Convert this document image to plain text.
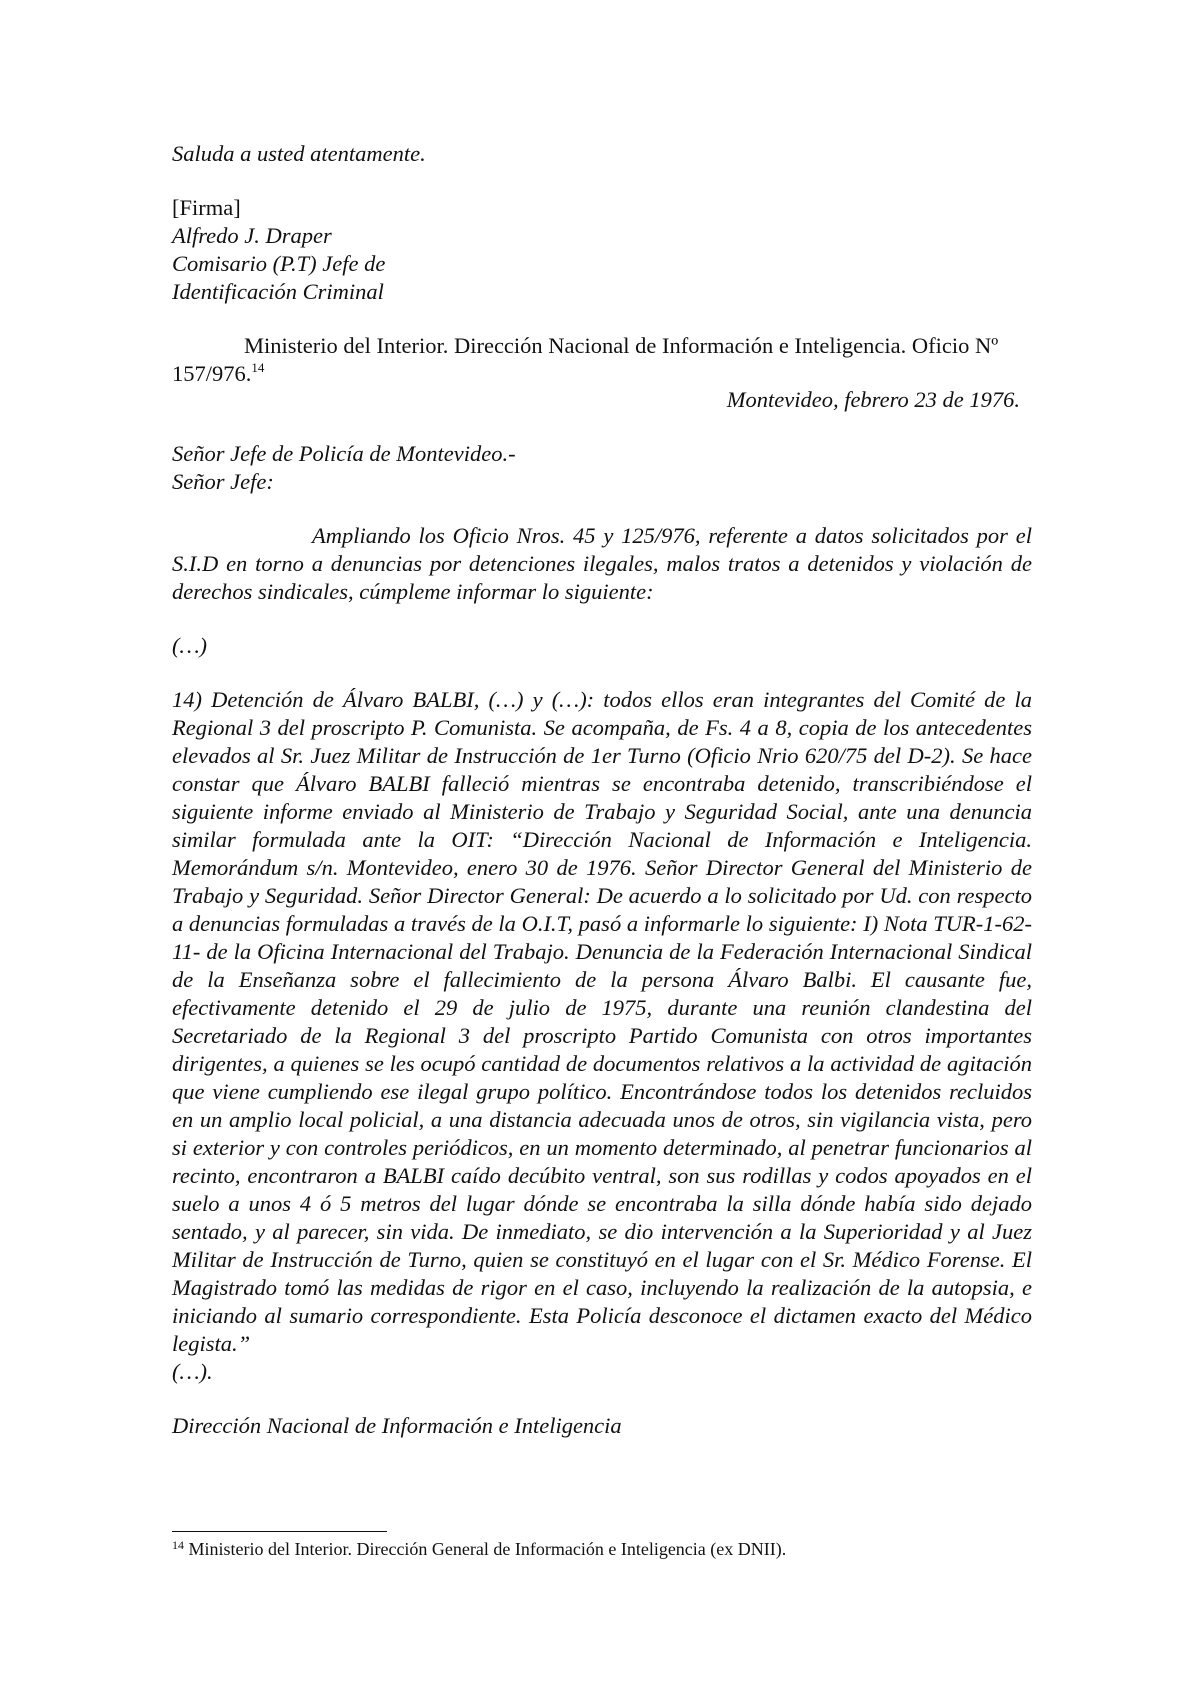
Saluda a usted atentamente.

[Firma]
Alfredo J. Draper
Comisario (P.T) Jefe de
Identificación Criminal

Ministerio del Interior. Dirección Nacional de Información e Inteligencia. Oficio Nº 157/976.14

Montevideo, febrero 23 de 1976.

Señor Jefe de Policía de Montevideo.-
Señor Jefe:

Ampliando los Oficio Nros. 45 y 125/976, referente a datos solicitados por el S.I.D en torno a denuncias por detenciones ilegales, malos tratos a detenidos y violación de derechos sindicales, cúmpleme informar lo siguiente:

(…)

14) Detención de Álvaro BALBI, (…) y (…): todos ellos eran integrantes del Comité de la Regional 3 del proscripto P. Comunista. Se acompaña, de Fs. 4 a 8, copia de los antecedentes elevados al Sr. Juez Militar de Instrucción de 1er Turno (Oficio Nrio 620/75 del D-2). Se hace constar que Álvaro BALBI falleció mientras se encontraba detenido, transcribiéndose el siguiente informe enviado al Ministerio de Trabajo y Seguridad Social, ante una denuncia similar formulada ante la OIT: “Dirección Nacional de Información e Inteligencia. Memorándum s/n. Montevideo, enero 30 de 1976. Señor Director General del Ministerio de Trabajo y Seguridad. Señor Director General: De acuerdo a lo solicitado por Ud. con respecto a denuncias formuladas a través de la O.I.T, pasó a informarle lo siguiente: I) Nota TUR-1-62-11- de la Oficina Internacional del Trabajo. Denuncia de la Federación Internacional Sindical de la Enseñanza sobre el fallecimiento de la persona Álvaro Balbi. El causante fue, efectivamente detenido el 29 de julio de 1975, durante una reunión clandestina del Secretariado de la Regional 3 del proscripto Partido Comunista con otros importantes dirigentes, a quienes se les ocupó cantidad de documentos relativos a la actividad de agitación que viene cumpliendo ese ilegal grupo político. Encontrándose todos los detenidos recluidos en un amplio local policial, a una distancia adecuada unos de otros, sin vigilancia vista, pero si exterior y con controles periódicos, en un momento determinado, al penetrar funcionarios al recinto, encontraron a BALBI caído decúbito ventral, son sus rodillas y codos apoyados en el suelo a unos 4 ó 5 metros del lugar dónde se encontraba la silla dónde había sido dejado sentado, y al parecer, sin vida. De inmediato, se dio intervención a la Superioridad y al Juez Militar de Instrucción de Turno, quien se constituyó en el lugar con el Sr. Médico Forense. El Magistrado tomó las medidas de rigor en el caso, incluyendo la realización de la autopsia, e iniciando al sumario correspondiente. Esta Policía desconoce el dictamen exacto del Médico legista.”

(…).

Dirección Nacional de Información e Inteligencia

$^{14}$ Ministerio del Interior. Dirección General de Información e Inteligencia (ex DNII).
